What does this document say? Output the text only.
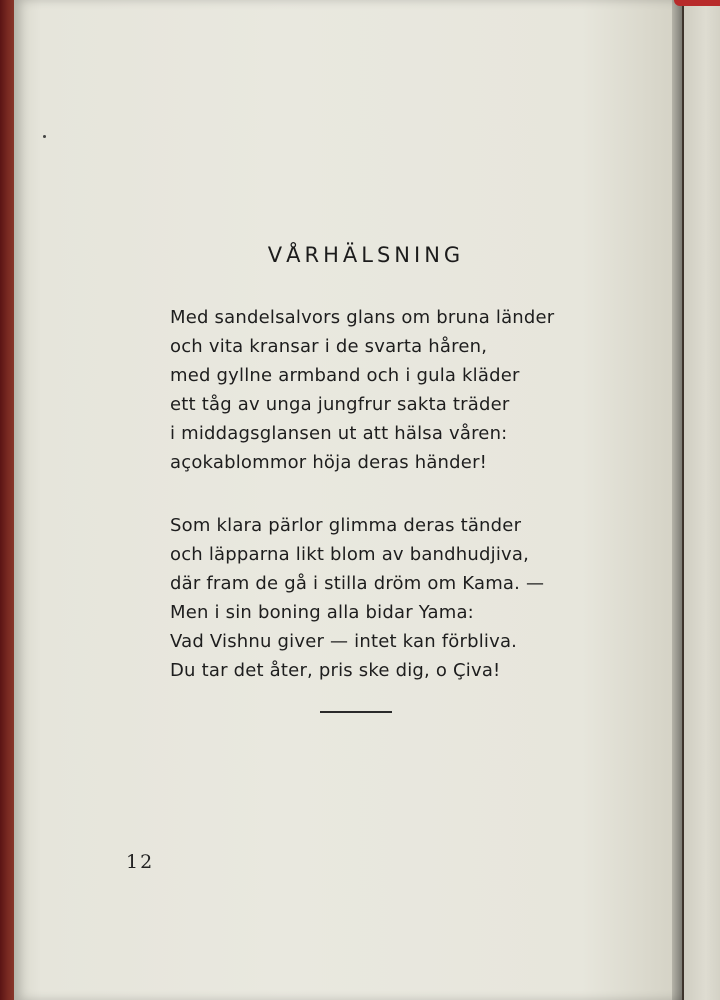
VÅRHÄLSNING
Med sandelsalvors glans om bruna länder
och vita kransar i de svarta håren,
med gyllne armband och i gula kläder
ett tåg av unga jungfrur sakta träder
i middagsglansen ut att hälsa våren:
açokablommor höja deras händer!
Som klara pärlor glimma deras tänder
och läpparna likt blom av bandhudjiva,
där fram de gå i stilla dröm om Kama. —
Men i sin boning alla bidar Yama:
Vad Vishnu giver — intet kan förbliva.
Du tar det åter, pris ske dig, o Çiva!
12
